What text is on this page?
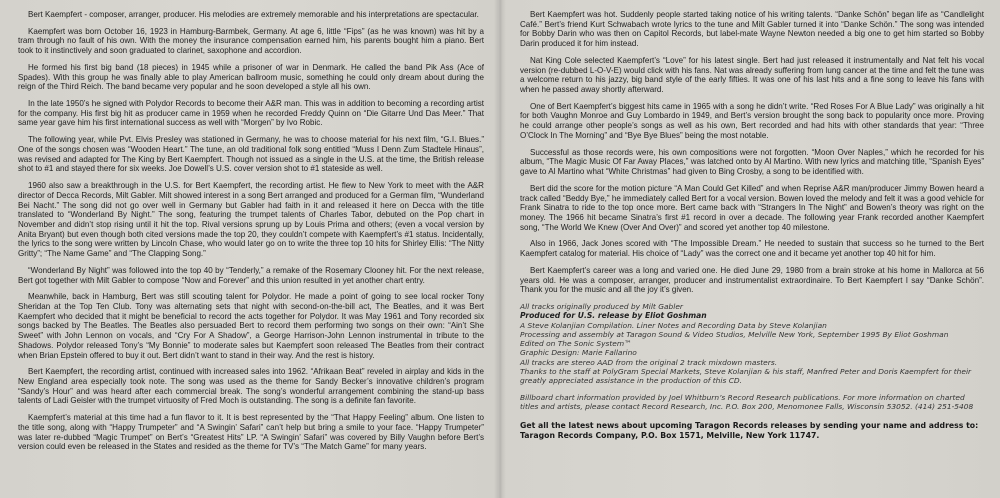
Bert Kaempfert - composer, arranger, producer. His melodies are extremely memorable and his interpretations are spectacular.

Kaempfert was born October 16, 1923 in Hamburg-Barmbek, Germany. At age 6, little “Fips” (as he was known) was hit by a tram through no fault of his own. With the money the insurance compensation earned him, his parents bought him a piano. Bert took to it instinctively and soon graduated to clarinet, saxophone and accordion.

He formed his first big band (18 pieces) in 1945 while a prisoner of war in Denmark. He called the band Pik Ass (Ace of Spades). With this group he was finally able to play American ballroom music, something he could only dream about during the reign of the Third Reich. The band became very popular and he soon developed a style all his own.

In the late 1950’s he signed with Polydor Records to become their A&R man. This was in addition to becoming a recording artist for the company. His first big hit as producer came in 1959 when he recorded Freddy Quinn on “Die Gitarre Und Das Meer.” That same year gave him his first international success as well with “Morgen” by Ivo Robic.

The following year, while Pvt. Elvis Presley was stationed in Germany, he was to choose material for his next film, “G.I. Blues.” One of the songs chosen was “Wooden Heart.” The tune, an old traditional folk song entitled “Muss I Denn Zum Stadtele Hinaus”, was revised and adapted for The King by Bert Kaempfert. Though not issued as a single in the U.S. at the time, the British release shot to #1 and stayed there for six weeks. Joe Dowell’s U.S. cover version shot to #1 stateside as well.

1960 also saw a breakthrough in the U.S. for Bert Kaempfert, the recording artist. He flew to New York to meet with the A&R director of Decca Records, Milt Gabler. Milt showed interest in a song Bert arranged and produced for a German film, “Wunderland Bei Nacht.” The song did not go over well in Germany but Gabler had faith in it and released it here on Decca with the title translated to “Wonderland By Night.” The song, featuring the trumpet talents of Charles Tabor, debuted on the Pop chart in November and didn’t stop rising until it hit the top. Rival versions sprung up by Louis Prima and others; (even a vocal version by Anita Bryant) but even though both cited versions made the top 20, they couldn’t compete with Kaempfert’s #1 status. Incidentally, the lyrics to the song were written by Lincoln Chase, who would later go on to write the three top 10 hits for Shirley Ellis: “The Nitty Gritty”; “The Name Game” and “The Clapping Song.”

“Wonderland By Night” was followed into the top 40 by “Tenderly,” a remake of the Rosemary Clooney hit. For the next release, Bert got together with Milt Gabler to compose “Now and Forever” and this union resulted in yet another chart entry.

Meanwhile, back in Hamburg, Bert was still scouting talent for Polydor. He made a point of going to see local rocker Tony Sheridan at the Top Ten Club. Tony was alternating sets that night with second-on-the-bill act, The Beatles, and it was Bert Kaempfert who decided that it might be beneficial to record the acts together for Polydor. It was May 1961 and Tony recorded six songs backed by The Beatles. The Beatles also persuaded Bert to record them performing two songs on their own: “Ain’t She Sweet” with John Lennon on vocals, and “Cry For A Shadow”, a George Harrison-John Lennon instrumental in tribute to the Shadows. Polydor released Tony’s “My Bonnie” to moderate sales but Kaempfert soon released The Beatles from their contract when Brian Epstein offered to buy it out. Bert didn’t want to stand in their way. And the rest is history.

Bert Kaempfert, the recording artist, continued with increased sales into 1962. “Afrikaan Beat” reveled in airplay and kids in the New England area especially took note. The song was used as the theme for Sandy Becker’s innovative children’s program “Sandy’s Hour” and was heard after each commercial break. The song’s wonderful arrangement combining the stand-up bass talents of Ladi Geisler with the trumpet virtuosity of Fred Moch is outstanding. The song is a definite fan favorite.

Kaempfert’s material at this time had a fun flavor to it. It is best represented by the “That Happy Feeling” album. One listen to the title song, along with “Happy Trumpeter” and “A Swingin’ Safari” can’t help but bring a smile to your face. “Happy Trumpeter” was later re-dubbed “Magic Trumpet” on Bert’s “Greatest Hits” LP. “A Swingin’ Safari” was covered by Billy Vaughn before Bert’s version could even be released in the States and resided as the theme for TV’s “The Match Game” for many years.

Bert Kaempfert was hot. Suddenly people started taking notice of his writing talents. “Danke Schön” began life as “Candlelight Café.” Bert’s friend Kurt Schwabach wrote lyrics to the tune and Milt Gabler turned it into “Danke Schön.” The song was intended for Bobby Darin who was then on Capitol Records, but label-mate Wayne Newton needed a big one to get him started so Bobby Darin produced it for him instead.

Nat King Cole selected Kaempfert’s “Love” for his latest single. Bert had just released it instrumentally and Nat felt his vocal version (re-dubbed L-O-V-E) would click with his fans. Nat was already suffering from lung cancer at the time and felt the tune was a welcome return to his jazzy, big band style of the early fifties. It was one of his last hits and a fine song to leave his fans with when he passed away shortly afterward.

One of Bert Kaempfert’s biggest hits came in 1965 with a song he didn’t write. “Red Roses For A Blue Lady” was originally a hit for both Vaughn Monroe and Guy Lombardo in 1949, and Bert’s version brought the song back to popularity once more. Proving he could arrange other people’s songs as well as his own, Bert recorded and had hits with other standards that year: “Three O’Clock In The Morning” and “Bye Bye Blues” being the most notable.

Successful as those records were, his own compositions were not forgotten. “Moon Over Naples,” which he recorded for his album, “The Magic Music Of Far Away Places,” was latched onto by Al Martino. With new lyrics and matching title, “Spanish Eyes” gave to Al Martino what “White Christmas” had given to Bing Crosby, a song to be identified with.

Bert did the score for the motion picture “A Man Could Get Killed” and when Reprise A&R man/producer Jimmy Bowen heard a track called “Beddy Bye,” he immediately called Bert for a vocal version. Bowen loved the melody and felt it was a good vehicle for Frank Sinatra to ride to the top once more. Bert came back with “Strangers In The Night” and Bowen’s theory was right on the money. The 1966 hit became Sinatra’s first #1 record in over a decade. The following year Frank recorded another Kaempfert song, “The World We Knew (Over And Over)” and scored yet another top 40 milestone.

Also in 1966, Jack Jones scored with “The Impossible Dream.” He needed to sustain that success so he turned to the Bert Kaempfert catalog for material. His choice of “Lady” was the correct one and it became yet another top 40 hit for him.

Bert Kaempfert’s career was a long and varied one. He died June 29, 1980 from a brain stroke at his home in Mallorca at 56 years old. He was a composer, arranger, producer and instrumentalist extraordinaire. To Bert Kaempfert I say “Danke Schön”. Thank you for the music and all the joy it’s given.

All tracks originally produced by Milt Gabler
Produced for U.S. release by Eliot Goshman
A Steve Kolanjian Compilation. Liner Notes and Recording Data by Steve Kolanjian
Processing and assembly at Taragon Sound & Video Studios, Melville New York, September 1995 By Eliot Goshman
Edited on The Sonic System™
Graphic Design: Marie Fallarino
All tracks are stereo AAD from the original 2 track mixdown masters.
Thanks to the staff at PolyGram Special Markets, Steve Kolanjian & his staff, Manfred Peter and Doris Kaempfert for their
greatly appreciated assistance in the production of this CD.
Billboard chart information provided by Joel Whitburn’s Record Research publications. For more information on charted
titles and artists, please contact Record Research, Inc. P.O. Box 200, Menomonee Falls, Wisconsin 53052. (414) 251-5408
Get all the latest news about upcoming Taragon Records releases by sending your name and address to:
Taragon Records Company, P.O. Box 1571, Melville, New York 11747.
